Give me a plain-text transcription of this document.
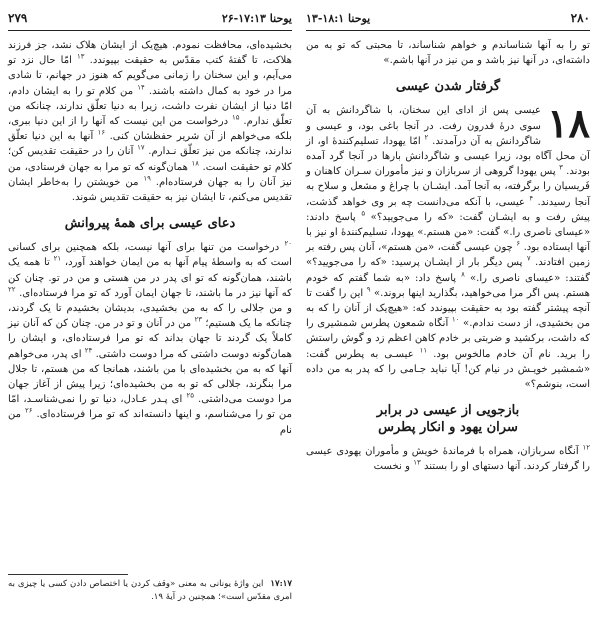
یوحنا ۱۷:۱۳-۲۶
۲۷۹	۲۸۰
یوحنا ۱۸:۱-۱۳

بخشیده‌ای، محافظت نمودم. هیچ‌یک از ایشان هلاک نشد، جز فرزند هلاکت، تا گفتهٔ کتب مقدّس به حقیقت بپیوندد. $^{۱۳}$ امّا حال نزد تو می‌آیم، و این سخنان را زمانی می‌گویم که هنوز در جهانم، تا شادی مرا در خود به کمال داشته باشند. $^{۱۴}$ من کلام تو را به ایشان دادم، امّا دنیا از ایشان نفرت داشت، زیرا به دنیا تعلّق ندارند، چنانکه من تعلّق ندارم. $^{۱۵}$ درخواست من این نیست که آنها را از این دنیا ببری، بلکه می‌خواهم از آن شریر حفظشان کنی. $^{۱۶}$ آنها به این دنیا تعلّق ندارند، چنانکه من نیز تعلّق نـدارم. $^{۱۷}$ آنان را در حقیقت تقدیس کن؛ کلام تو حقیقت است. $^{۱۸}$ همان‌گونه که تو مرا به جهان فرستادی، من نیز آنان را به جهان فرستاده‌ام. $^{۱۹}$ من خویشتن را به‌خاطر ایشان تقدیس می‌کنم، تا ایشان نیز به حقیقت تقدیس شوند.

دعای عیسی برای همهٔ پیروانش

$^{۲۰}$ درخواست من تنها برای آنها نیست، بلکه همچنین برای کسانی است که به واسطهٔ پیام آنها به من ایمان خواهند آورد، $^{۲۱}$ تا همه یک باشند، همان‌گونه که تو ای پدر در من هستی و من در تو. چنان کن که آنها نیز در ما باشند، تا جهان ایمان آورد که تو مرا فرستاده‌ای. $^{۲۲}$ و من جلالی را که به من بخشیدی، بدیشان بخشیدم تا یک گردند، چنانکه ما یک هستیم؛ $^{۲۳}$ من در آنان و تو در من. چنان کن که آنان نیز کاملاً یک گردند تا جهان بداند که تو مرا فرستاده‌ای، و ایشان را همان‌گونه دوست داشتی که مرا دوست داشتی. $^{۲۴}$ ای پدر، می‌خواهم آنها که به من بخشیده‌ای با من باشند، همانجا که من هستم، تا جلال مرا بنگرند، جلالی که تو به من بخشیده‌ای؛ زیرا پیش از آغاز جهان مرا دوست می‌داشتی. $^{۲۵}$ ای پـدر عـادل، دنیا تو را نمی‌شناسـد، امّا من تو را می‌شناسم، و اینها دانسته‌اند که تو مرا فرستاده‌ای. $^{۲۶}$ من نام

۱۷:۱۷ این واژهٔ یونانی به معنی «وقف کردن یا اختصاص دادن کسی یا چیزی به امری مقدّس است»؛ همچنین در آیهٔ ۱۹.

تو را به آنها شناساندم و خواهم شناساند، تا محبتی که تو به من داشته‌ای، در آنها نیز باشد و من نیز در آنها باشم.»

گرفتار شدن عیسی

۱۸
عیسی پس از ادای این سخنان، با شاگردانش به آن سوی درهٔ قدرون رفت. در آنجا باغی بود، و عیسی و شاگردانش به آن درآمدند. $^۲$ امّا یهودا، تسلیم‌کنندهٔ او، از آن محل آگاه بود، زیرا عیسی و شاگردانش بارها در آنجا گرد آمده بودند. $^۳$ پس یهودا گروهی از سربازان و نیز مأموران سـران کاهنان و فَریسیان را برگرفته، به آنجا آمد. ایشـان با چراغ و مشعل و سلاح به آنجا رسیدند. $^۴$ عیسی، با آنکه می‌دانست چه بر وی خواهد گذشت، پیش رفت و به ایشـان گفت: «که را می‌جویید؟» $^۵$ پاسخ دادند: «عیسای ناصری را.» گفت: «من هستم.» یهودا، تسلیم‌کنندهٔ او نیز با آنها ایستاده بود. $^۶$ چون عیسی گفت، «من هستم»، آنان پس رفته بر زمین افتادند. $^۷$ پس دیگر بار از ایشـان پرسید: «که را می‌جویید؟» گفتند: «عیسای ناصری را.» $^۸$ پاسخ داد: «به شما گفتم که خودم هستم. پس اگر مرا می‌خواهید، بگذارید اینها بروند.» $^۹$ این را گفت تا آنچه پیشتر گفته بود به حقیقت بپیوندد که: «هیچ‌یک از آنان را که به من بخشیدی، از دست ندادم.» $^{۱۰}$ آنگاه شمعون پطرس شمشیری را که داشت، برکشید و ضربتی بر خادم کاهن اعظم زد و گوش راستش را برید. نام آن خادم مالخوس بود. $^{۱۱}$ عیسـی به پطرس گفت: «شمشیر خویـش در نیام کن! آیا نباید جـامی را که پدر به من داده است، بنوشم؟»

بازجویی از عیسی در برابر
سران یهود و انکار پطرس

$^{۱۲}$ آنگاه سربازان، همراه با فرماندهٔ خویش و مأموران یهودی عیسی را گرفتار کردند. آنها دستهای او را بستند $^{۱۳}$ و نخست
